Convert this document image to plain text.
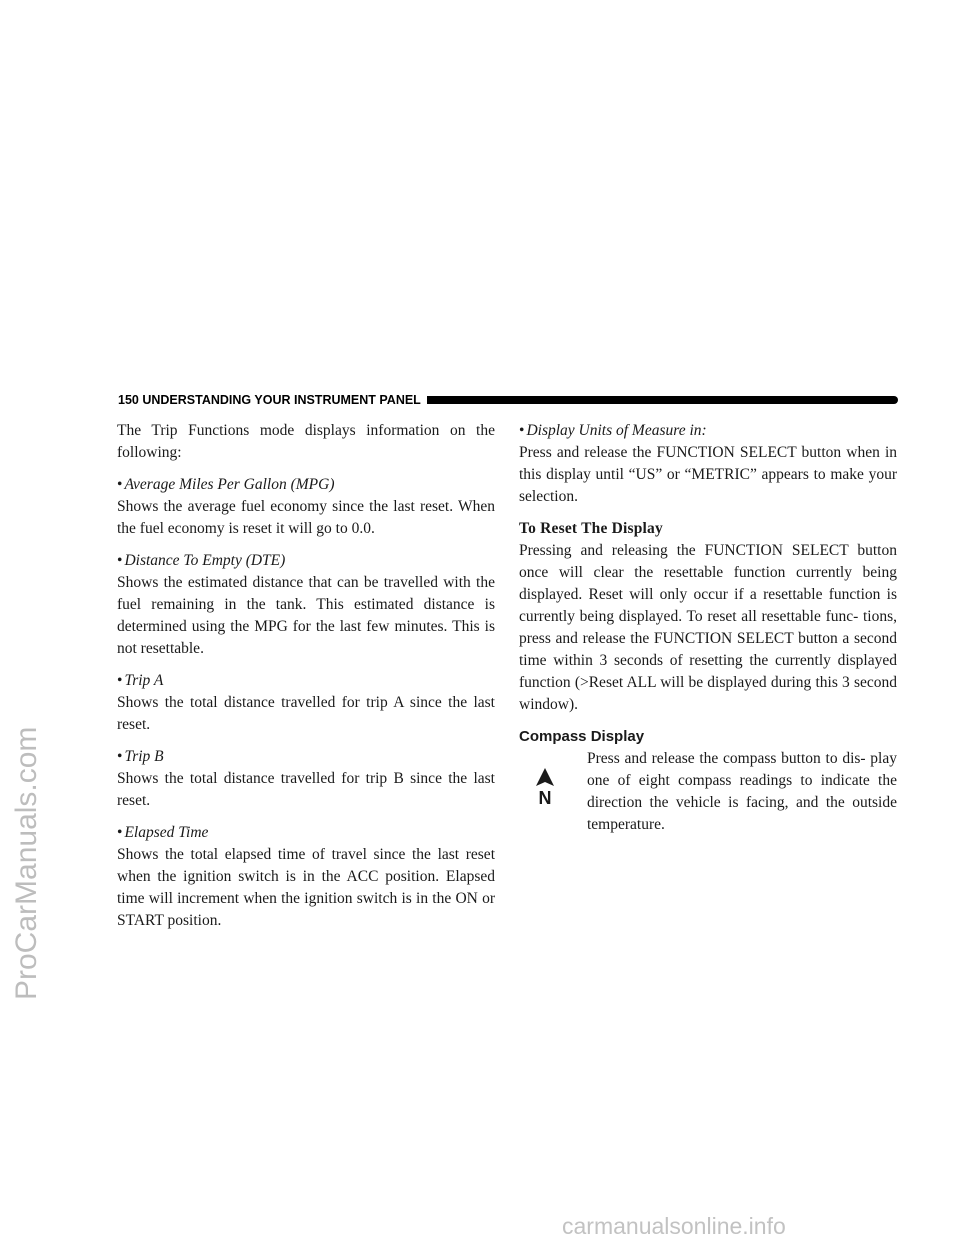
ProCarManuals.com
carmanualsonline.info
150 UNDERSTANDING YOUR INSTRUMENT PANEL

The Trip Functions mode displays information on the following:

• Average Miles Per Gallon (MPG)

Shows the average fuel economy since the last reset. When the fuel economy is reset it will go to 0.0.

• Distance To Empty (DTE)

Shows the estimated distance that can be travelled with the fuel remaining in the tank. This estimated distance is determined using the MPG for the last few minutes. This is not resettable.

• Trip A

Shows the total distance travelled for trip A since the last reset.

• Trip B

Shows the total distance travelled for trip B since the last reset.

• Elapsed Time

Shows the total elapsed time of travel since the last reset when the ignition switch is in the ACC position. Elapsed time will increment when the ignition switch is in the ON or START position.

• Display Units of Measure in:

Press and release the FUNCTION SELECT button when in this display until “US” or “METRIC” appears to make your selection.

To Reset The Display

Pressing and releasing the FUNCTION SELECT button once will clear the resettable function currently being displayed. Reset will only occur if a resettable function is currently being displayed. To reset all resettable func- tions, press and release the FUNCTION SELECT button a second time within 3 seconds of resetting the currently displayed function (>Reset ALL will be displayed during this 3 second window).

Compass Display
N

Press and release the compass button to dis- play one of eight compass readings to indicate the direction the vehicle is facing, and the outside temperature.
